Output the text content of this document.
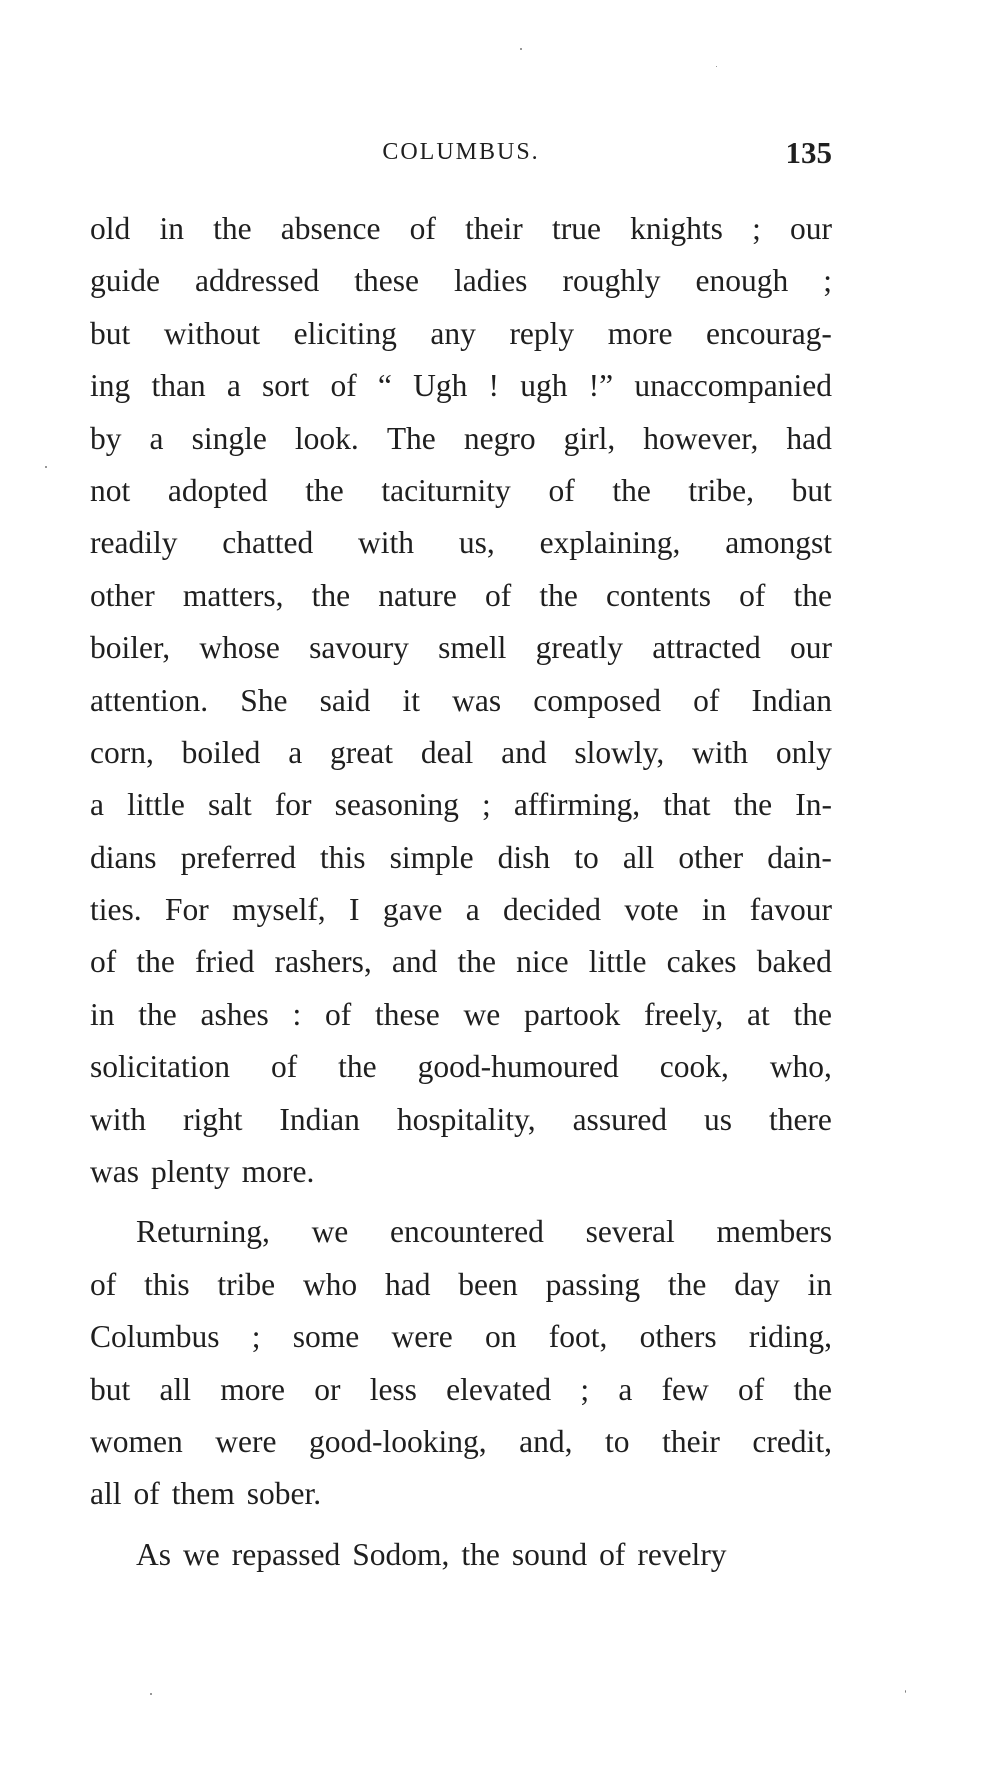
COLUMBUS.	135
old in the absence of their true knights ; our
guide addressed these ladies roughly enough ;
but without eliciting any reply more encourag-
ing than a sort of “ Ugh ! ugh !” unaccompanied
by a single look. The negro girl, however, had
not adopted the taciturnity of the tribe, but
readily chatted with us, explaining, amongst
other matters, the nature of the contents of the
boiler, whose savoury smell greatly attracted our
attention. She said it was composed of Indian
corn, boiled a great deal and slowly, with only
a little salt for seasoning ; affirming, that the In-
dians preferred this simple dish to all other dain-
ties. For myself, I gave a decided vote in favour
of the fried rashers, and the nice little cakes baked
in the ashes : of these we partook freely, at the
solicitation of the good-humoured cook, who,
with right Indian hospitality, assured us there
was plenty more.
Returning, we encountered several members
of this tribe who had been passing the day in
Columbus ; some were on foot, others riding,
but all more or less elevated ; a few of the
women were good-looking, and, to their credit,
all of them sober.
As we repassed Sodom, the sound of revelry
